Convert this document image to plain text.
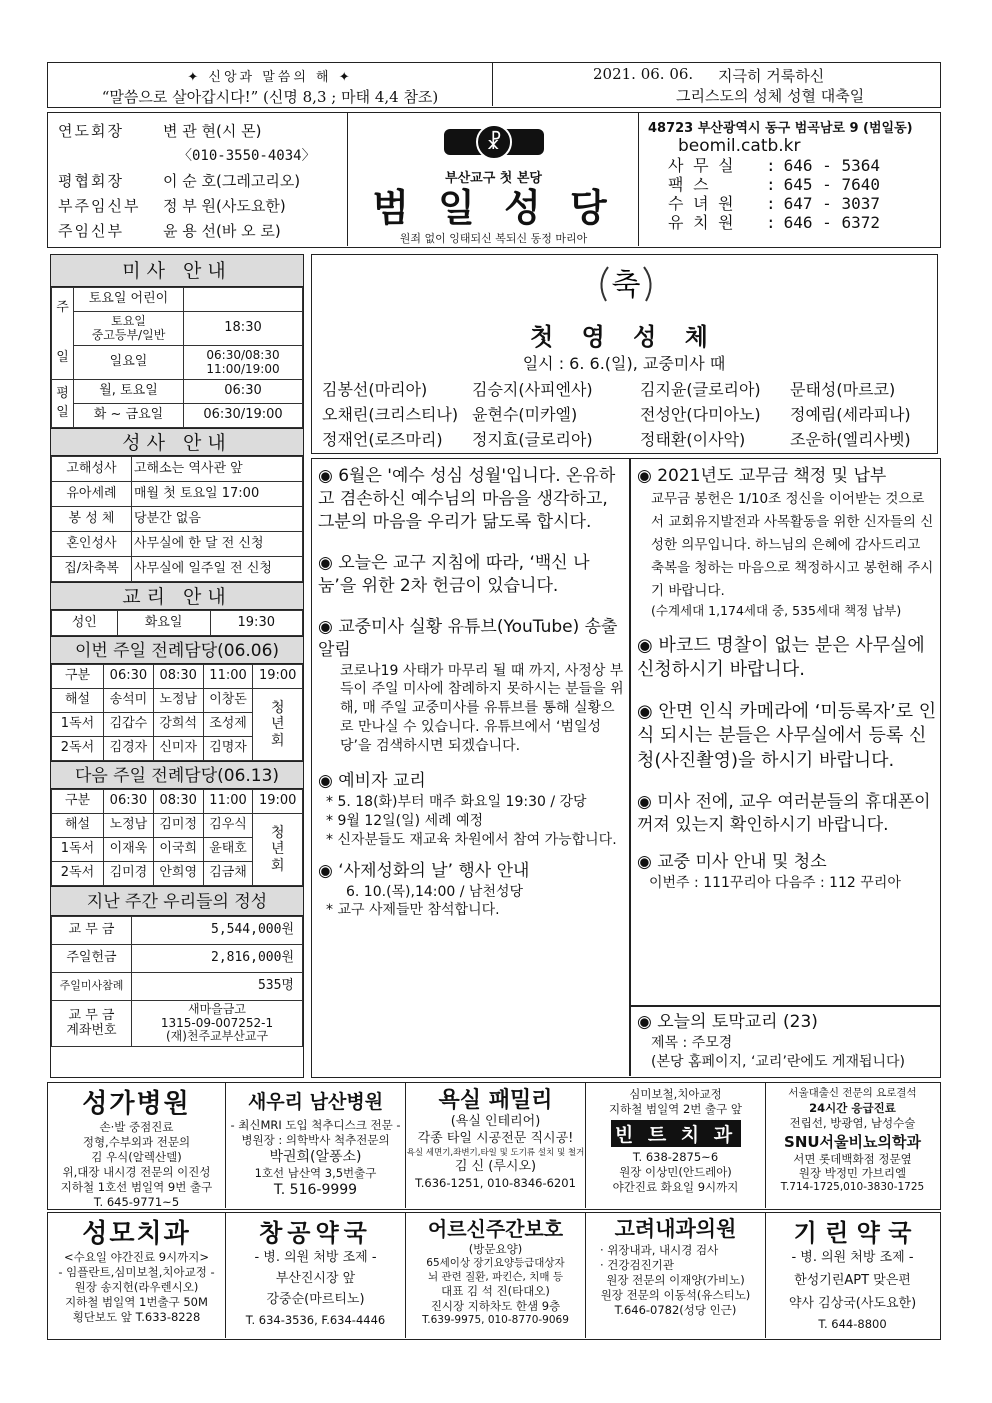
✦ 신앙과 말씀의 해 ✦
“말씀으로 살아갑시다!” (신명 8,3 ; 마태 4,4 참조)
2021. 06. 06. 지극히 거룩하신
그리스도의 성체 성혈 대축일
연도회장	변 관 현(시 몬)
〈010-3550-4034〉
평협회장	이 순 호(그레고리오)
부주임신부	정 부 원(사도요한)
주임신부	윤 용 선(바 오 로)
☧
부산교구 첫 본당
범 일 성 당
원죄 없이 잉태되신 복되신 동정 마리아
48723 부산광역시 동구 범곡남로 9 (범일동)
beomil.catb.kr
사 무 실	: 646 - 5364
팩 스	: 645 - 7640
수 녀 원	: 647 - 3037
유 치 원	: 646 - 6372
미사 안내
주

일	토요일 어린이	
	토요일
중고등부/일반	18:30
	일요일	06:30/08:30
11:00/19:00
평
일	월, 토요일	06:30
	화 ~ 금요일	06:30/19:00
성사 안내
고해성사	고해소는 역사관 앞
유아세례	매월 첫 토요일 17:00
봉 성 체	당분간 없음
혼인성사	사무실에 한 달 전 신청
집/차축복	사무실에 일주일 전 신청
교리 안내
성인	화요일	19:30
이번 주일 전례담당(06.06)
구분	06:30	08:30	11:00	19:00
해설	송석미	노정남	이창돈	청
년
회
1독서	김갑수	강희석	조성제	
2독서	김경자	신미자	김명자	
다음 주일 전례담당(06.13)
구분	06:30	08:30	11:00	19:00
해설	노정남	김미정	김우식	청
년
회
1독서	이재욱	이국희	윤태호	
2독서	김미경	안희영	김금채	
지난 주간 우리들의 정성
교 무 금	5,544,000원
주일헌금	2,816,000원
주일미사참례	535명
교 무 금
계좌번호	새마을금고
1315-09-007252-1
(재)천주교부산교구
축
첫 영 성 체
일시 : 6. 6.(일), 교중미사 때
김봉선(마리아)	김승지(사피엔사)	김지윤(글로리아)	문태성(마르코)
오채린(크리스티나) 윤현수(미카엘)	전성안(다미아노)	정예림(세라피나)
정재언(로즈마리)	정지효(글로리아)	정태환(이사악)	조운하(엘리사벳)
◉ 6월은 '예수 성심 성월'입니다. 온유하고 겸손하신 예수님의 마음을 생각하고, 그분의 마음을 우리가 닮도록 합시다.
◉ 오늘은 교구 지침에 따라, ‘백신 나눔’을 위한 2차 헌금이 있습니다.
◉ 교중미사 실황 유튜브(YouTube) 송출 알림

코로나19 사태가 마무리 될 때 까지, 사정상 부득이 주일 미사에 참례하지 못하시는 분들을 위해, 매 주일 교중미사를 유튜브를 통해 실황으로 만나실 수 있습니다. 유튜브에서 ‘범일성당’을 검색하시면 되겠습니다.

◉ 예비자 교리

* 5. 18(화)부터 매주 화요일 19:30 / 강당

* 9월 12일(일) 세례 예정

* 신자분들도 재교육 차원에서 참여 가능합니다.

◉ ‘사제성화의 날’ 행사 안내

6. 10.(목),14:00 / 남천성당

* 교구 사제들만 참석합니다.

◉ 2021년도 교무금 책정 및 납부

교무금 봉헌은 1/10조 정신을 이어받는 것으로서 교회유지발전과 사목활동을 위한 신자들의 신성한 의무입니다. 하느님의 은혜에 감사드리고 축복을 청하는 마음으로 책정하시고 봉헌해 주시기 바랍니다.

(수계세대 1,174세대 중, 535세대 책정 납부)

◉ 바코드 명찰이 없는 분은 사무실에 신청하시기 바랍니다.
◉ 안면 인식 카메라에 ‘미등록자’로 인식 되시는 분들은 사무실에서 등록 신청(사진촬영)을 하시기 바랍니다.
◉ 미사 전에, 교우 여러분들의 휴대폰이 꺼져 있는지 확인하시기 바랍니다.
◉ 교중 미사 안내 및 청소

이번주 : 111꾸리아 다음주 : 112 꾸리아

◉ 오늘의 토막교리 (23)

제목 : 주모경

(본당 홈페이지, ‘교리’란에도 게재됩니다)

성가병원
손·발 중점진료
정형,수부외과 전문의
김 우식(알렉산델)
위,대장 내시경 전문의 이진성
지하철 1호선 범일역 9번 출구
T. 645-9771~5
새우리 남산병원
- 최신MRI 도입 척추디스크 전문 -
병원장 : 의학박사 척추전문의
박권희(알퐁소)
1호선 남산역 3,5번출구
T. 516-9999
욕실 패밀리
(욕실 인테리어)
각종 타일 시공전문 직시공!
욕실 세면기,좌변기,타일 및 도기류 설치 및 철거
김 신 (루시오)
T.636-1251, 010-8346-6201
심미보철,치아교정
지하철 범일역 2번 출구 앞
빈 트 치 과
T. 638-2875~6
원장 이상민(안드레아)
야간진료 화요일 9시까지
서울대출신 전문의 요로결석
24시간 응급진료
전립선, 방광염, 남성수술
SNU서울비뇨의학과
서면 롯데백화점 정문옆
원장 박정민 가브리엘
T.714-1725,010-3830-1725
성모치과
<수요일 야간진료 9시까지>
- 임플란트,심미보철,치아교정 -
원장 송지헌(라우렌시오)
지하철 범일역 1번출구 50M
횡단보도 앞 T.633-8228
창공약국
- 병. 의원 처방 조제 -
부산진시장 앞
강중순(마르티노)
T. 634-3536, F.634-4446
어르신주간보호
(방문요양)
65세이상 장기요양등급대상자
뇌 관련 질환, 파킨슨, 치매 등
대표 김 석 진(타대오)
진시장 지하차도 한샘 9층
T.639-9975, 010-8770-9069
고려내과의원
· 위장내과, 내시경 검사
· 건강검진기관
원장 전문의 이재양(가비노)
원장 전문의 이동석(유스티노)
T.646-0782(성당 인근)
기 린 약 국
- 병. 의원 처방 조제 -
한성기린APT 맞은편
약사 김상국(사도요한)
T. 644-8800
